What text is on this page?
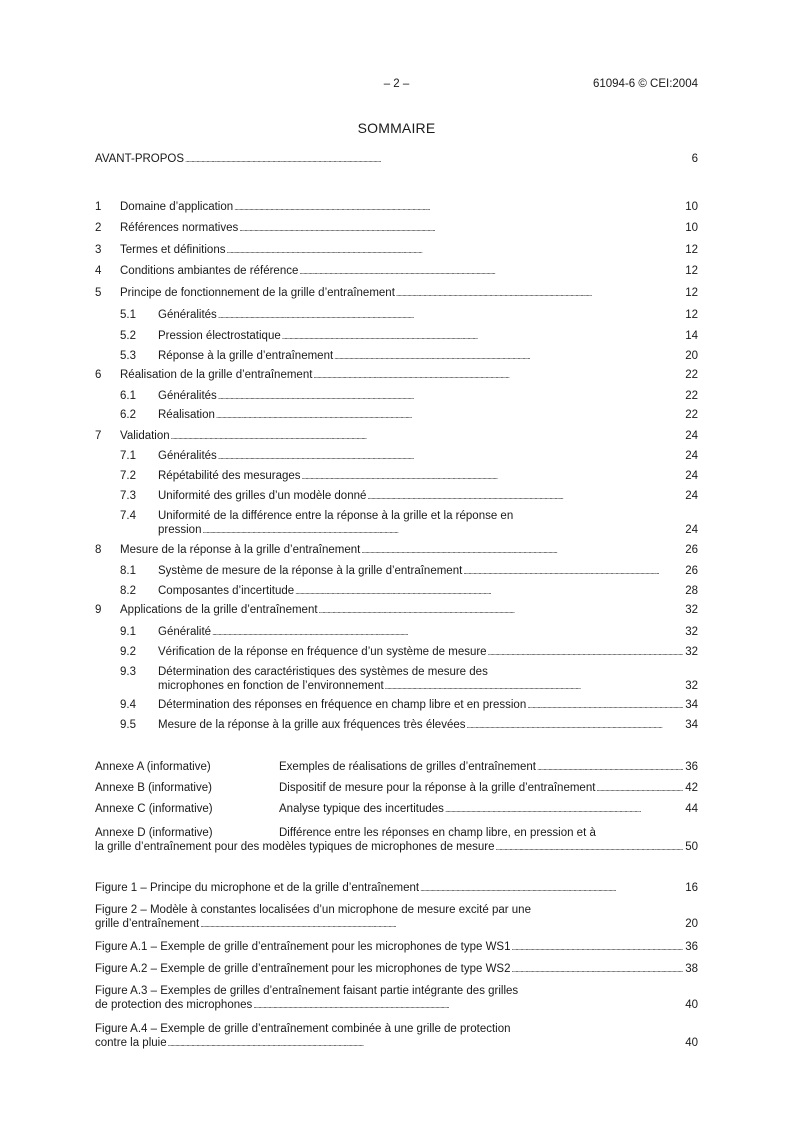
– 2 –	61094-6 © CEI:2004
SOMMAIRE
AVANT-PROPOS . . .	6
1	Domaine d’application . . .	10
2	Références normatives . . .	10
3	Termes et définitions . . .	12
4	Conditions ambiantes de référence . . .	12
5	Principe de fonctionnement de la grille d’entraînement . . .	12
5.1	Généralités . . .	12
5.2	Pression électrostatique . . .	14
5.3	Réponse à la grille d’entraînement . . .	20
6	Réalisation de la grille d’entraînement . . .	22
6.1	Généralités . . .	22
6.2	Réalisation . . .	22
7	Validation . . .	24
7.1	Généralités . . .	24
7.2	Répétabilité des mesurages . . .	24
7.3	Uniformité des grilles d’un modèle donné . . .	24
7.4	Uniformité de la différence entre la réponse à la grille et la réponse en
pression . . .	24
8	Mesure de la réponse à la grille d’entraînement . . .	26
8.1	Système de mesure de la réponse à la grille d’entraînement . . .	26
8.2	Composantes d’incertitude . . .	28
9	Applications de la grille d’entraînement . . .	32
9.1	Généralité . . .	32
9.2	Vérification de la réponse en fréquence d’un système de mesure . . .	32
9.3	Détermination des caractéristiques des systèmes de mesure des
microphones en fonction de l’environnement . . .	32
9.4	Détermination des réponses en fréquence en champ libre et en pression . . .	34
9.5	Mesure de la réponse à la grille aux fréquences très élevées . . .	34
Annexe A (informative)	Exemples de réalisations de grilles d’entraînement . . .	36
Annexe B (informative)	Dispositif de mesure pour la réponse à la grille d’entraînement . . .	42
Annexe C (informative)	Analyse typique des incertitudes . . .	44
Annexe D (informative)	Différence entre les réponses en champ libre, en pression et à
la grille d’entraînement pour des modèles typiques de microphones de mesure . . .	50
Figure 1 – Principe du microphone et de la grille d’entraînement . . .	16
Figure 2 – Modèle à constantes localisées d’un microphone de mesure excité par une
grille d’entraînement . . .	20
Figure A.1 – Exemple de grille d’entraînement pour les microphones de type WS1 . . .	36
Figure A.2 – Exemple de grille d’entraînement pour les microphones de type WS2 . . .	38
Figure A.3 – Exemples de grilles d’entraînement faisant partie intégrante des grilles
de protection des microphones . . .	40
Figure A.4 – Exemple de grille d’entraînement combinée à une grille de protection
contre la pluie . . .	40
